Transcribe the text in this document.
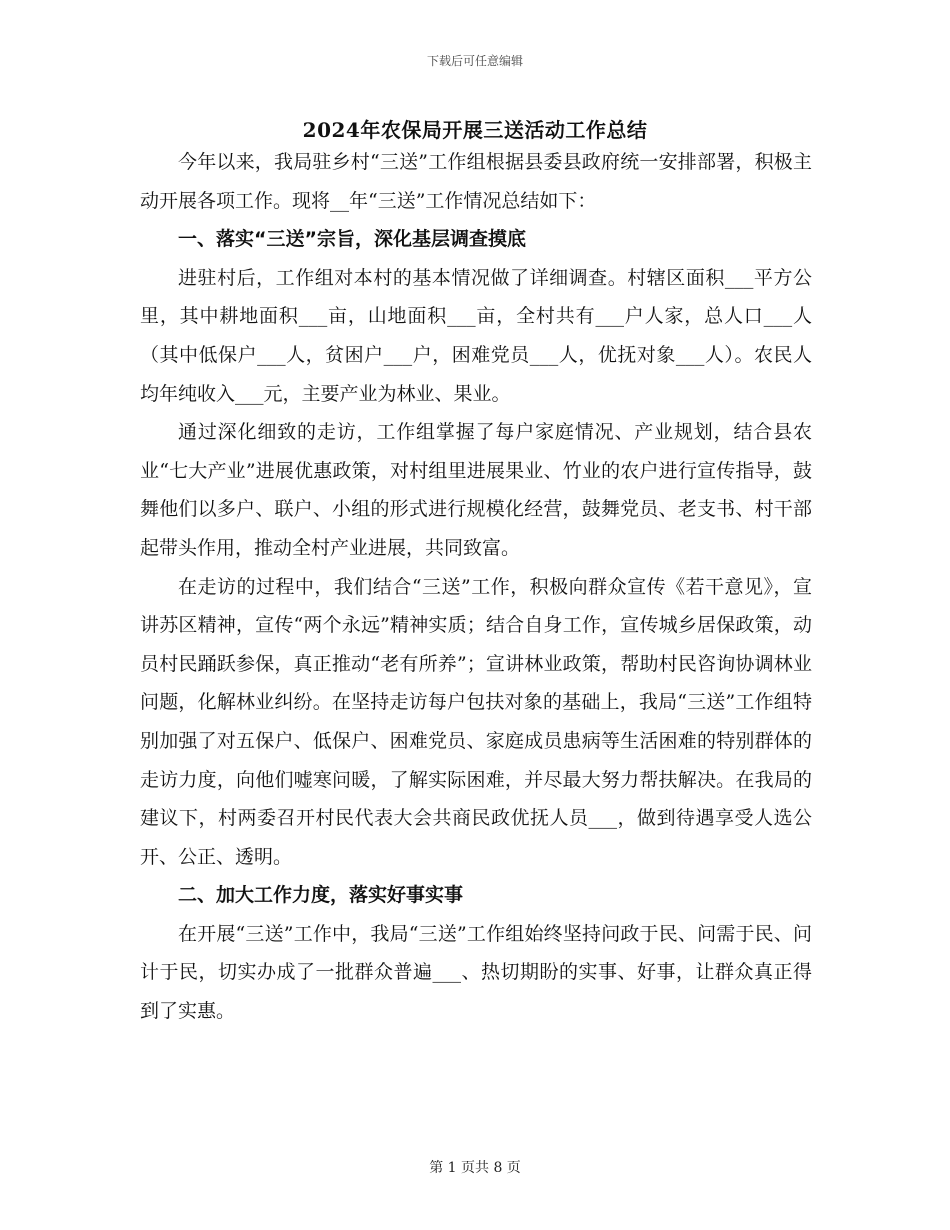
下载后可任意编辑
2024年农保局开展三送活动工作总结

今年以来，我局驻乡村“三送”工作组根据县委县政府统一安排部署，积极主动开展各项工作。现将__年“三送”工作情况总结如下：

一、落实“三送”宗旨，深化基层调查摸底

进驻村后，工作组对本村的基本情况做了详细调查。村辖区面积___平方公里，其中耕地面积___亩，山地面积___亩，全村共有___户人家，总人口___人（其中低保户___人，贫困户___户，困难党员___人，优抚对象___人）。农民人均年纯收入___元，主要产业为林业、果业。

通过深化细致的走访，工作组掌握了每户家庭情况、产业规划，结合县农业“七大产业”进展优惠政策，对村组里进展果业、竹业的农户进行宣传指导，鼓舞他们以多户、联户、小组的形式进行规模化经营，鼓舞党员、老支书、村干部起带头作用，推动全村产业进展，共同致富。

在走访的过程中，我们结合“三送”工作，积极向群众宣传《若干意见》，宣讲苏区精神，宣传“两个永远”精神实质；结合自身工作，宣传城乡居保政策，动员村民踊跃参保，真正推动“老有所养”；宣讲林业政策，帮助村民咨询协调林业问题，化解林业纠纷。在坚持走访每户包扶对象的基础上，我局“三送”工作组特别加强了对五保户、低保户、困难党员、家庭成员患病等生活困难的特别群体的走访力度，向他们嘘寒问暖，了解实际困难，并尽最大努力帮扶解决。在我局的建议下，村两委召开村民代表大会共商民政优抚人员___，做到待遇享受人选公开、公正、透明。

二、加大工作力度，落实好事实事

在开展“三送”工作中，我局“三送”工作组始终坚持问政于民、问需于民、问计于民，切实办成了一批群众普遍___、热切期盼的实事、好事，让群众真正得到了实惠。

第 1 页共 8 页
